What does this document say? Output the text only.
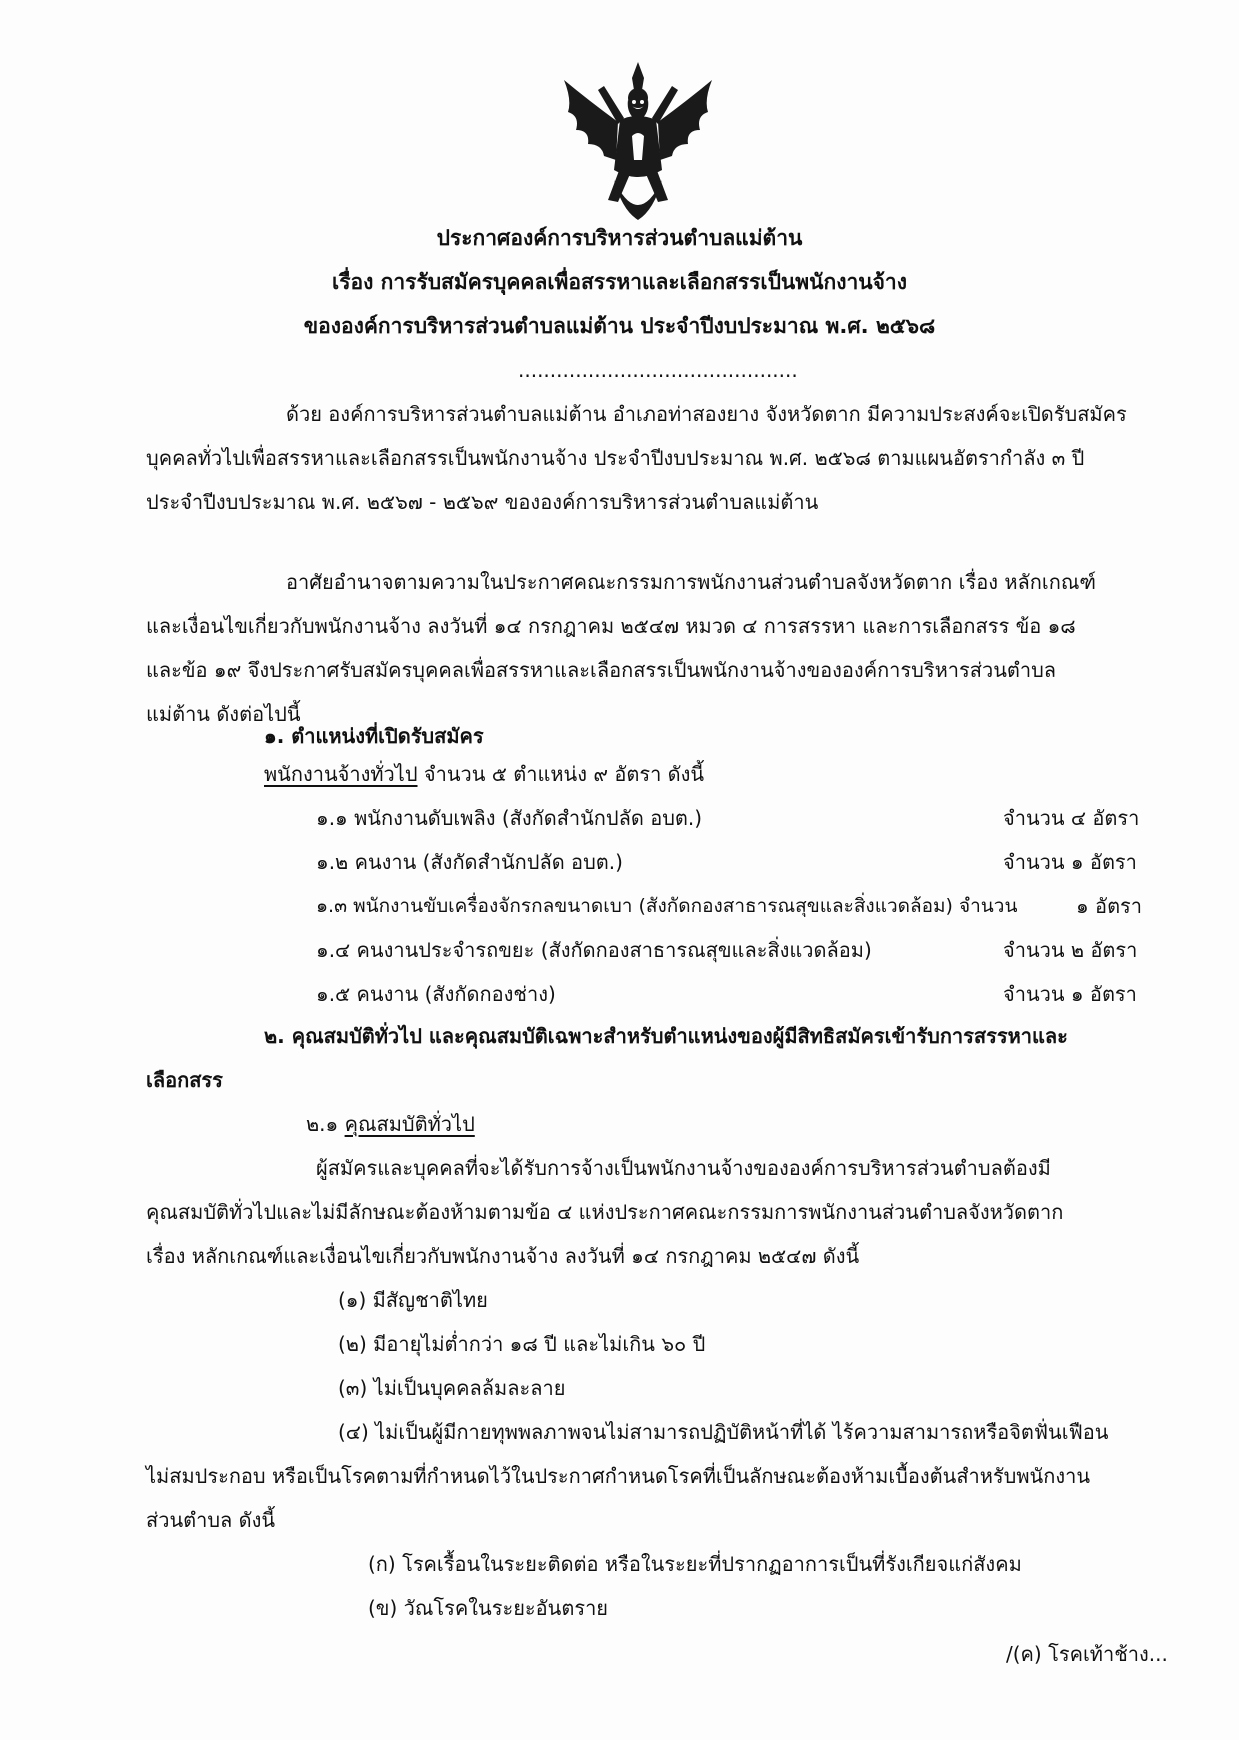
ประกาศองค์การบริหารส่วนตำบลแม่ต้าน
เรื่อง การรับสมัครบุคคลเพื่อสรรหาและเลือกสรรเป็นพนักงานจ้าง
ขององค์การบริหารส่วนตำบลแม่ต้าน ประจำปีงบประมาณ พ.ศ. ๒๕๖๘
............................................
ด้วย องค์การบริหารส่วนตำบลแม่ต้าน อำเภอท่าสองยาง จังหวัดตาก มีความประสงค์จะเปิดรับสมัคร
บุคคลทั่วไปเพื่อสรรหาและเลือกสรรเป็นพนักงานจ้าง ประจำปีงบประมาณ พ.ศ. ๒๕๖๘ ตามแผนอัตรากำลัง ๓ ปี
ประจำปีงบประมาณ พ.ศ. ๒๕๖๗ - ๒๕๖๙ ขององค์การบริหารส่วนตำบลแม่ต้าน
อาศัยอำนาจตามความในประกาศคณะกรรมการพนักงานส่วนตำบลจังหวัดตาก เรื่อง หลักเกณฑ์
และเงื่อนไขเกี่ยวกับพนักงานจ้าง ลงวันที่ ๑๔ กรกฎาคม ๒๕๔๗ หมวด ๔ การสรรหา และการเลือกสรร ข้อ ๑๘
และข้อ ๑๙ จึงประกาศรับสมัครบุคคลเพื่อสรรหาและเลือกสรรเป็นพนักงานจ้างขององค์การบริหารส่วนตำบล
แม่ต้าน ดังต่อไปนี้
๑. ตำแหน่งที่เปิดรับสมัคร
พนักงานจ้างทั่วไป จำนวน ๕ ตำแหน่ง ๙ อัตรา ดังนี้
๑.๑ พนักงานดับเพลิง (สังกัดสำนักปลัด อบต.)	จำนวน ๔ อัตรา
๑.๒ คนงาน (สังกัดสำนักปลัด อบต.)	จำนวน ๑ อัตรา
๑.๓ พนักงานขับเครื่องจักรกลขนาดเบา (สังกัดกองสาธารณสุขและสิ่งแวดล้อม) จำนวน	๑ อัตรา
๑.๔ คนงานประจำรถขยะ (สังกัดกองสาธารณสุขและสิ่งแวดล้อม)	จำนวน ๒ อัตรา
๑.๕ คนงาน (สังกัดกองช่าง)	จำนวน ๑ อัตรา
๒. คุณสมบัติทั่วไป และคุณสมบัติเฉพาะสำหรับตำแหน่งของผู้มีสิทธิสมัครเข้ารับการสรรหาและ
เลือกสรร
๒.๑ คุณสมบัติทั่วไป
ผู้สมัครและบุคคลที่จะได้รับการจ้างเป็นพนักงานจ้างขององค์การบริหารส่วนตำบลต้องมี
คุณสมบัติทั่วไปและไม่มีลักษณะต้องห้ามตามข้อ ๔ แห่งประกาศคณะกรรมการพนักงานส่วนตำบลจังหวัดตาก
เรื่อง หลักเกณฑ์และเงื่อนไขเกี่ยวกับพนักงานจ้าง ลงวันที่ ๑๔ กรกฎาคม ๒๕๔๗ ดังนี้
(๑) มีสัญชาติไทย
(๒) มีอายุไม่ต่ำกว่า ๑๘ ปี และไม่เกิน ๖๐ ปี
(๓) ไม่เป็นบุคคลล้มละลาย
(๔) ไม่เป็นผู้มีกายทุพพลภาพจนไม่สามารถปฏิบัติหน้าที่ได้ ไร้ความสามารถหรือจิตฟั่นเฟือน
ไม่สมประกอบ หรือเป็นโรคตามที่กำหนดไว้ในประกาศกำหนดโรคที่เป็นลักษณะต้องห้ามเบื้องต้นสำหรับพนักงาน
ส่วนตำบล ดังนี้
(ก) โรคเรื้อนในระยะติดต่อ หรือในระยะที่ปรากฏอาการเป็นที่รังเกียจแก่สังคม
(ข) วัณโรคในระยะอันตราย
/(ค) โรคเท้าช้าง...
